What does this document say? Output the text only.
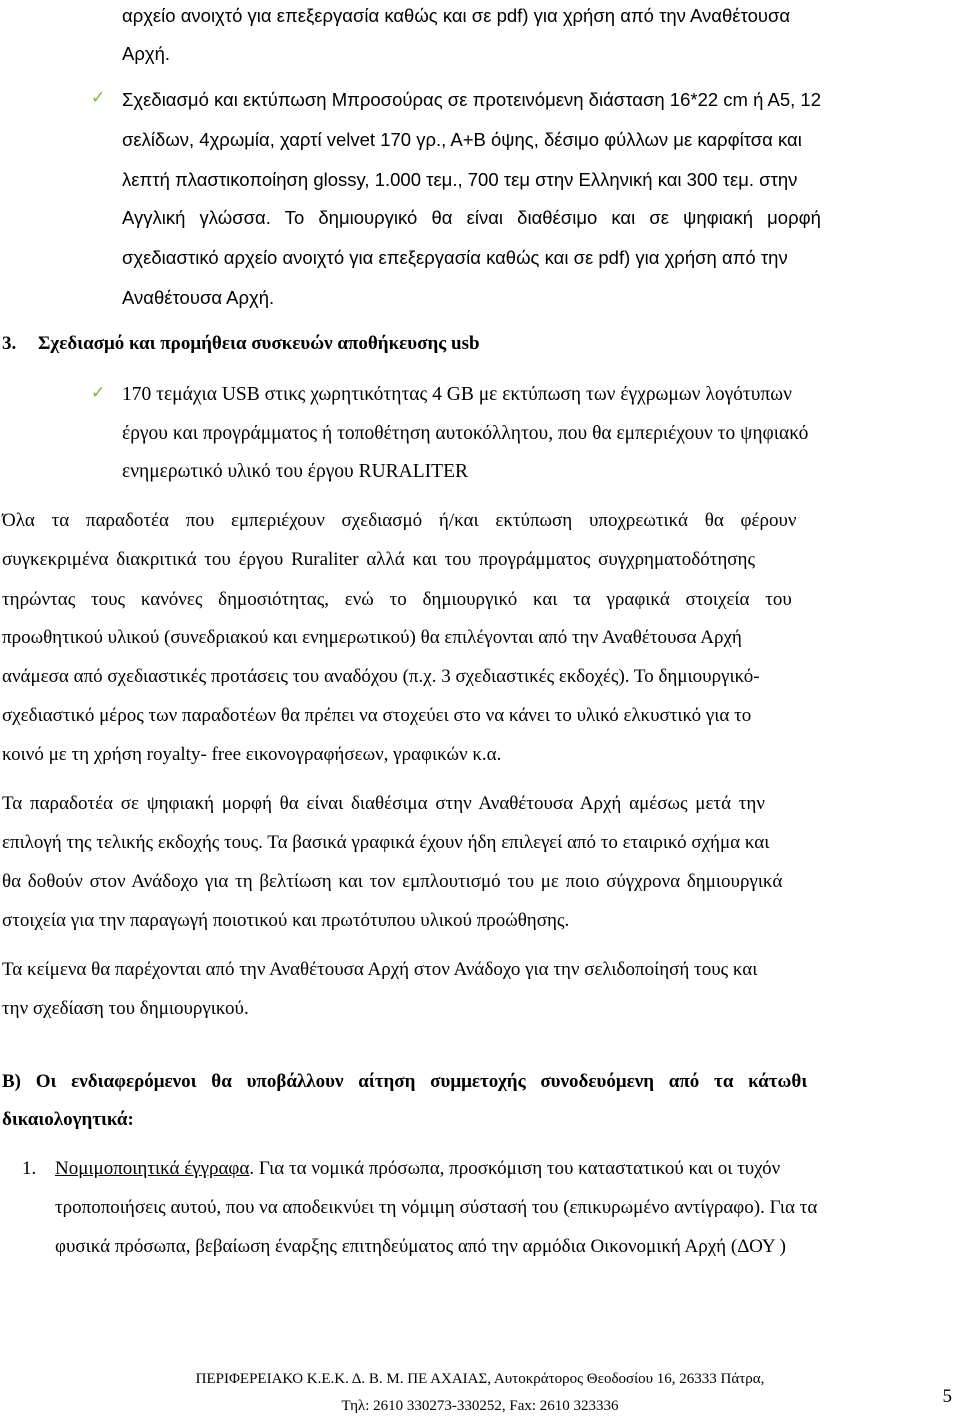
αρχείο ανοιχτό για επεξεργασία καθώς και σε pdf) για χρήση από την Αναθέτουσα
Αρχή.
✓ Σχεδιασμό και εκτύπωση Μπροσούρας σε προτεινόμενη διάσταση 16*22 cm ή Α5, 12
σελίδων, 4χρωμία, χαρτί velvet 170 γρ., Α+Β όψης, δέσιμο φύλλων με καρφίτσα και
λεπτή πλαστικοποίηση glossy, 1.000 τεμ., 700 τεμ στην Ελληνική και 300 τεμ. στην
Αγγλική γλώσσα. Το δημιουργικό θα είναι διαθέσιμο και σε ψηφιακή μορφή
σχεδιαστικό αρχείο ανοιχτό για επεξεργασία καθώς και σε pdf) για χρήση από την
Αναθέτουσα Αρχή.
3. Σχεδιασμό και προμήθεια συσκευών αποθήκευσης usb
✓ 170 τεμάχια USB στικς χωρητικότητας 4 GB με εκτύπωση των έγχρωμων λογότυπων
έργου και προγράμματος ή τοποθέτηση αυτοκόλλητου, που θα εμπεριέχουν το ψηφιακό
ενημερωτικό υλικό του έργου RURALITER
Όλα τα παραδοτέα που εμπεριέχουν σχεδιασμό ή/και εκτύπωση υποχρεωτικά θα φέρουν
συγκεκριμένα διακριτικά του έργου Ruraliter αλλά και του προγράμματος συγχρηματοδότησης
τηρώντας τους κανόνες δημοσιότητας, ενώ το δημιουργικό και τα γραφικά στοιχεία του
προωθητικού υλικού (συνεδριακού και ενημερωτικού) θα επιλέγονται από την Αναθέτουσα Αρχή
ανάμεσα από σχεδιαστικές προτάσεις του αναδόχου (π.χ. 3 σχεδιαστικές εκδοχές). Το δημιουργικό-
σχεδιαστικό μέρος των παραδοτέων θα πρέπει να στοχεύει στο να κάνει το υλικό ελκυστικό για το
κοινό με τη χρήση royalty- free εικονογραφήσεων, γραφικών κ.α.
Τα παραδοτέα σε ψηφιακή μορφή θα είναι διαθέσιμα στην Αναθέτουσα Αρχή αμέσως μετά την
επιλογή της τελικής εκδοχής τους. Τα βασικά γραφικά έχουν ήδη επιλεγεί από το εταιρικό σχήμα και
θα δοθούν στον Ανάδοχο για τη βελτίωση και τον εμπλουτισμό του με ποιο σύγχρονα δημιουργικά
στοιχεία για την παραγωγή ποιοτικού και πρωτότυπου υλικού προώθησης.
Τα κείμενα θα παρέχονται από την Αναθέτουσα Αρχή στον Ανάδοχο για την σελιδοποίησή τους και
την σχεδίαση του δημιουργικού.
Β) Οι ενδιαφερόμενοι θα υποβάλλουν αίτηση συμμετοχής συνοδευόμενη από τα κάτωθι
δικαιολογητικά:
1. Νομιμοποιητικά έγγραφα. Για τα νομικά πρόσωπα, προσκόμιση του καταστατικού και οι τυχόν
τροποποιήσεις αυτού, που να αποδεικνύει τη νόμιμη σύστασή του (επικυρωμένο αντίγραφο). Για τα
φυσικά πρόσωπα, βεβαίωση έναρξης επιτηδεύματος από την αρμόδια Οικονομική Αρχή (ΔΟΥ )
ΠΕΡΙΦΕΡΕΙΑΚΟ Κ.Ε.Κ. Δ. Β. Μ. ΠΕ ΑΧΑΙΑΣ, Αυτοκράτορος Θεοδοσίου 16, 26333 Πάτρα,
Τηλ: 2610 330273-330252, Fax: 2610 323336	5
